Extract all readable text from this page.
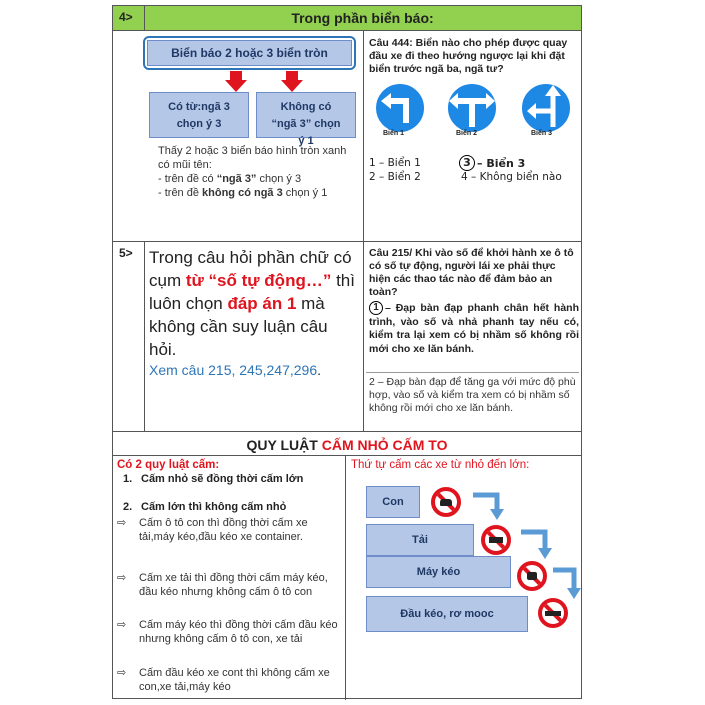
4>	Trong phần biển báo:
Biển báo 2 hoặc 3 biển tròn
Có từ:ngã 3 chọn ý 3
Không có “ngã 3” chọn ý 1
Thấy 2 hoặc 3 biển báo hình tròn xanh có mũi tên:
- trên đề có “ngã 3” chọn ý 3
- trên đề không có ngã 3 chọn ý 1
Câu 444: Biển nào cho phép được quay đầu xe đi theo hướng ngược lại khi đặt biển trước ngã ba, ngã tư?
Biển 1	Biển 2	Biển 3
1 – Biển 1
2 – Biển 2
3 – Biển 3
4 – Không biển nào
5> Trong câu hỏi phần chữ có cụm từ “số tự động…” thì luôn chọn đáp án 1 mà không cần suy luận câu hỏi.
Xem câu 215, 245,247,296.
Câu 215/ Khi vào số để khởi hành xe ô tô có số tự động, người lái xe phải thực hiện các thao tác nào để đảm bảo an toàn?
1 – Đạp bàn đạp phanh chân hết hành trình, vào số và nhả phanh tay nếu có, kiểm tra lại xem có bị nhầm số không rồi mới cho xe lăn bánh.
2 – Đạp bàn đạp để tăng ga với mức độ phù hợp, vào số và kiểm tra xem có bị nhầm số không rồi mới cho xe lăn bánh.
QUY LUẬT CẤM NHỎ CẤM TO
Có 2 quy luật cấm:
1. Cấm nhỏ sẽ đồng thời cấm lớn
2. Cấm lớn thì không cấm nhỏ
⇨ Cấm ô tô con thì đồng thời cấm xe tải,máy kéo,đầu kéo xe container.
⇨ Cấm xe tải thì đồng thời cấm máy kéo, đầu kéo nhưng không cấm ô tô con
⇨ Cấm máy kéo thì đồng thời cấm đầu kéo nhưng không cấm ô tô con, xe tải
⇨ Cấm đầu kéo xe cont thì không cấm xe con,xe tải,máy kéo
Thứ tự cấm các xe từ nhỏ đến lớn:
Con
Tải
Máy kéo
Đầu kéo, rơ mooc
